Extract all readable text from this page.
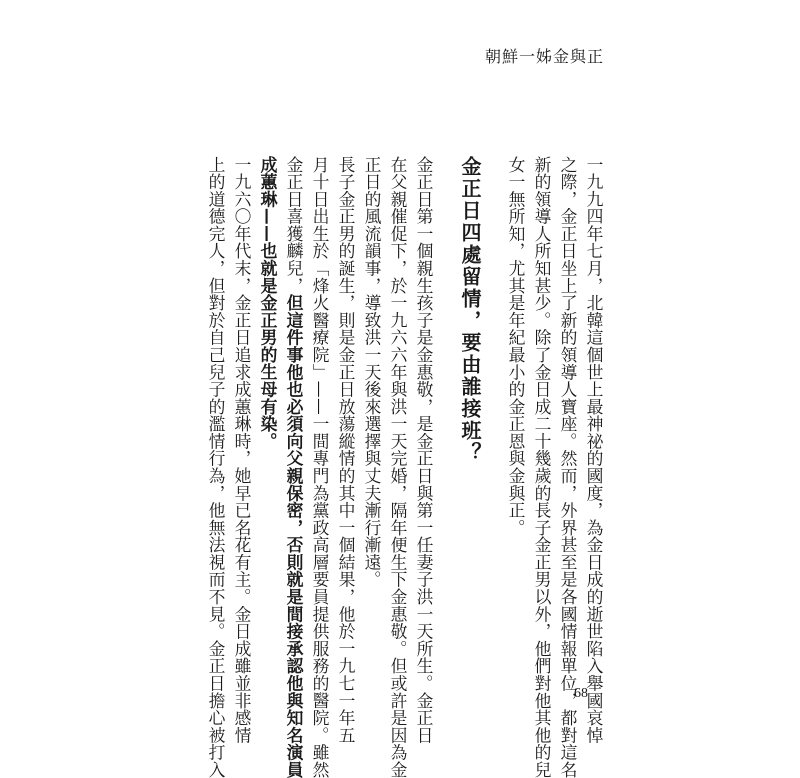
朝鮮一姊金與正
一九九四年七月，北韓這個世上最神祕的國度，為金日成的逝世陷入舉國哀悼
之際，金正日坐上了新的領導人寶座。然而，外界甚至是各國情報單位，都對這名
新的領導人所知甚少。除了金日成二十幾歲的長子金正男以外，他們對他其他的兒
女一無所知，尤其是年紀最小的金正恩與金與正。
金正日四處留情，要由誰接班？
金正日第一個親生孩子是金惠敬，是金正日與第一任妻子洪一天所生。金正日
在父親催促下，於一九六六年與洪一天完婚，隔年便生下金惠敬。但或許是因為金
正日的風流韻事，導致洪一天後來選擇與丈夫漸行漸遠。
長子金正男的誕生，則是金正日放蕩縱情的其中一個結果，他於一九七一年五
月十日出生於「烽火醫療院」——一間專門為黨政高層要員提供服務的醫院。雖然
金正日喜獲麟兒，但這件事他也必須向父親保密，否則就是間接承認他與知名演員
成蕙琳——也就是金正男的生母有染。
一九六〇年代末，金正日追求成蕙琳時，她早已名花有主。金日成雖並非感情
上的道德完人，但對於自己兒子的濫情行為，他無法視而不見。金正日擔心被打入	68
